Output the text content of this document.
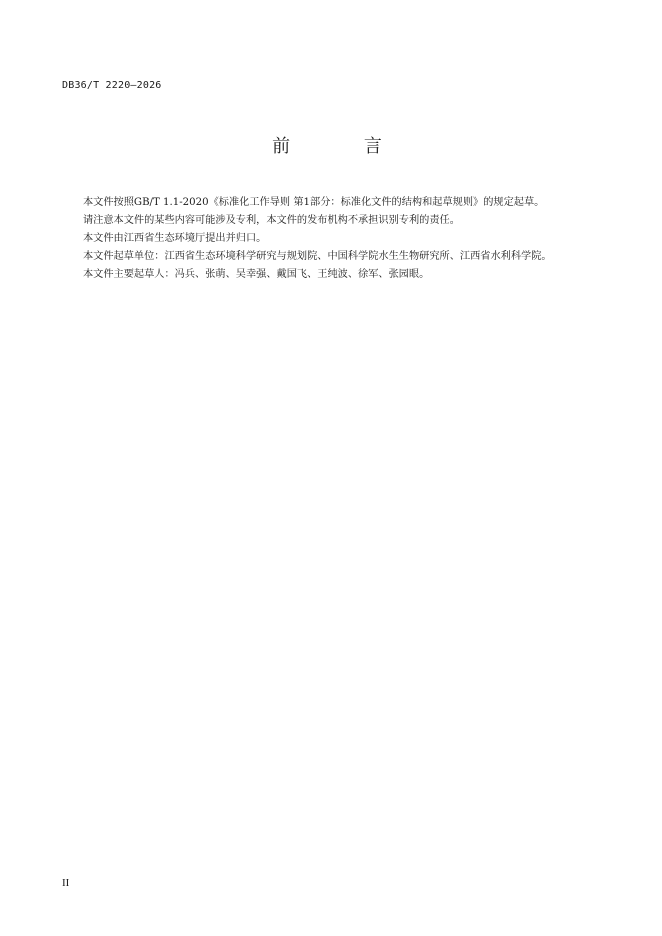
DB36/T 2220—2026
前 言

本文件按照GB/T 1.1-2020《标准化工作导则 第1部分：标准化文件的结构和起草规则》的规定起草。

请注意本文件的某些内容可能涉及专利，本文件的发布机构不承担识别专利的责任。

本文件由江西省生态环境厅提出并归口。

本文件起草单位：江西省生态环境科学研究与规划院、中国科学院水生生物研究所、江西省水利科学院。

本文件主要起草人：冯兵、张萌、吴幸强、戴国飞、王纯波、徐军、张园眼。

II
